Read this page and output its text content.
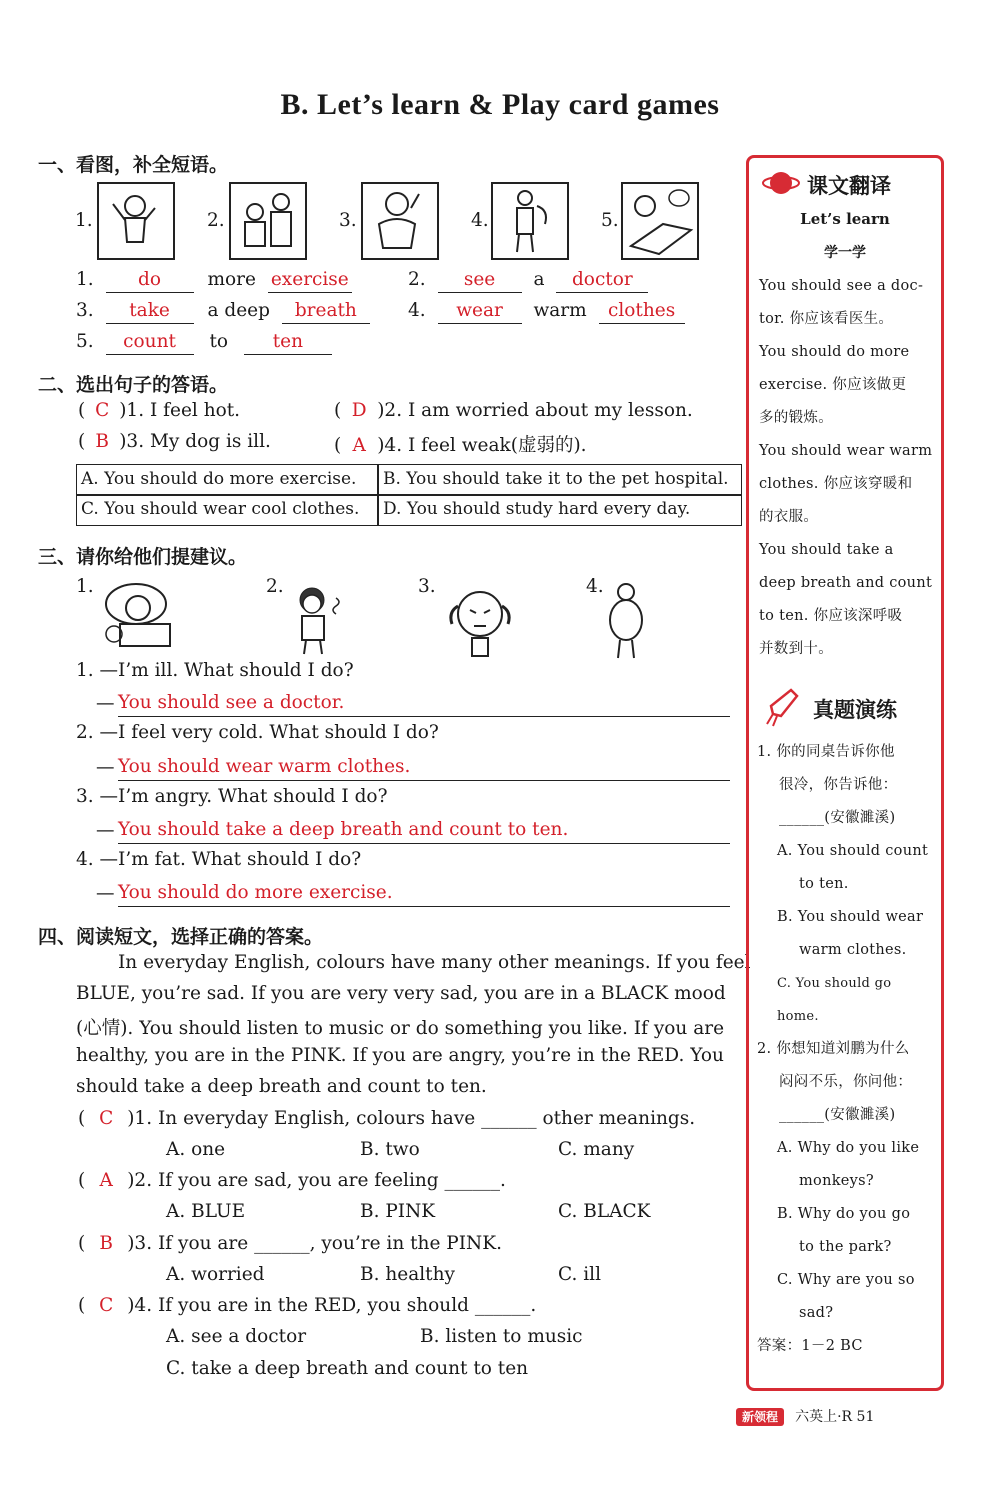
B. Let’s learn & Play card games
一、看图，补全短语。
1.	2.	3.	4.	5.
1. do	more exercise	2. see a doctor
3. take a deep breath	4. wear warm clothes
5. count to ten
二、选出句子的答语。
( C )1. I feel hot.	( D )2. I am worried about my lesson.
( B )3. My dog is ill.	( A )4. I feel weak(虚弱的).
A. You should do more exercise. B. You should take it to the pet hospital.
C. You should wear cool clothes. D. You should study hard every day.
三、请你给他们提建议。
1.	2.	3.	4.
1. —I’m ill. What should I do?
— You should see a doctor.
2. —I feel very cold. What should I do?
— You should wear warm clothes.
3. —I’m angry. What should I do?
— You should take a deep breath and count to ten.
4. —I’m fat. What should I do?
— You should do more exercise.
四、阅读短文，选择正确的答案。
In everyday English, colours have many other meanings. If you feel
BLUE, you’re sad. If you are very very sad, you are in a BLACK mood
(心情). You should listen to music or do something you like. If you are
healthy, you are in the PINK. If you are angry, you’re in the RED. You
should take a deep breath and count to ten.
( C )1. In everyday English, colours have ______ other meanings.
A. one	B. two	C. many
( A )2. If you are sad, you are feeling ______.
A. BLUE	B. PINK	C. BLACK
( B )3. If you are ______, you’re in the PINK.
A. worried	B. healthy	C. ill
( C )4. If you are in the RED, you should ______.
A. see a doctor	B. listen to music
C. take a deep breath and count to ten
课文翻译
Let’s learn
学一学
You should see a doc-
tor. 你应该看医生。
You should do more
exercise. 你应该做更
多的锻炼。
You should wear warm
clothes. 你应该穿暖和
的衣服。
You should take a
deep breath and count
to ten. 你应该深呼吸
并数到十。
真题演练
1. 你的同桌告诉你他
很冷，你告诉他：
______(安徽濉溪)
A. You should count
to ten.
B. You should wear
warm clothes.
C. You should go home.
2. 你想知道刘鹏为什么
闷闷不乐，你问他：
______(安徽濉溪)
A. Why do you like
monkeys?
B. Why do you go
to the park?
C. Why are you so
sad?
答案：1－2 BC
新领程 六英上·R 51
